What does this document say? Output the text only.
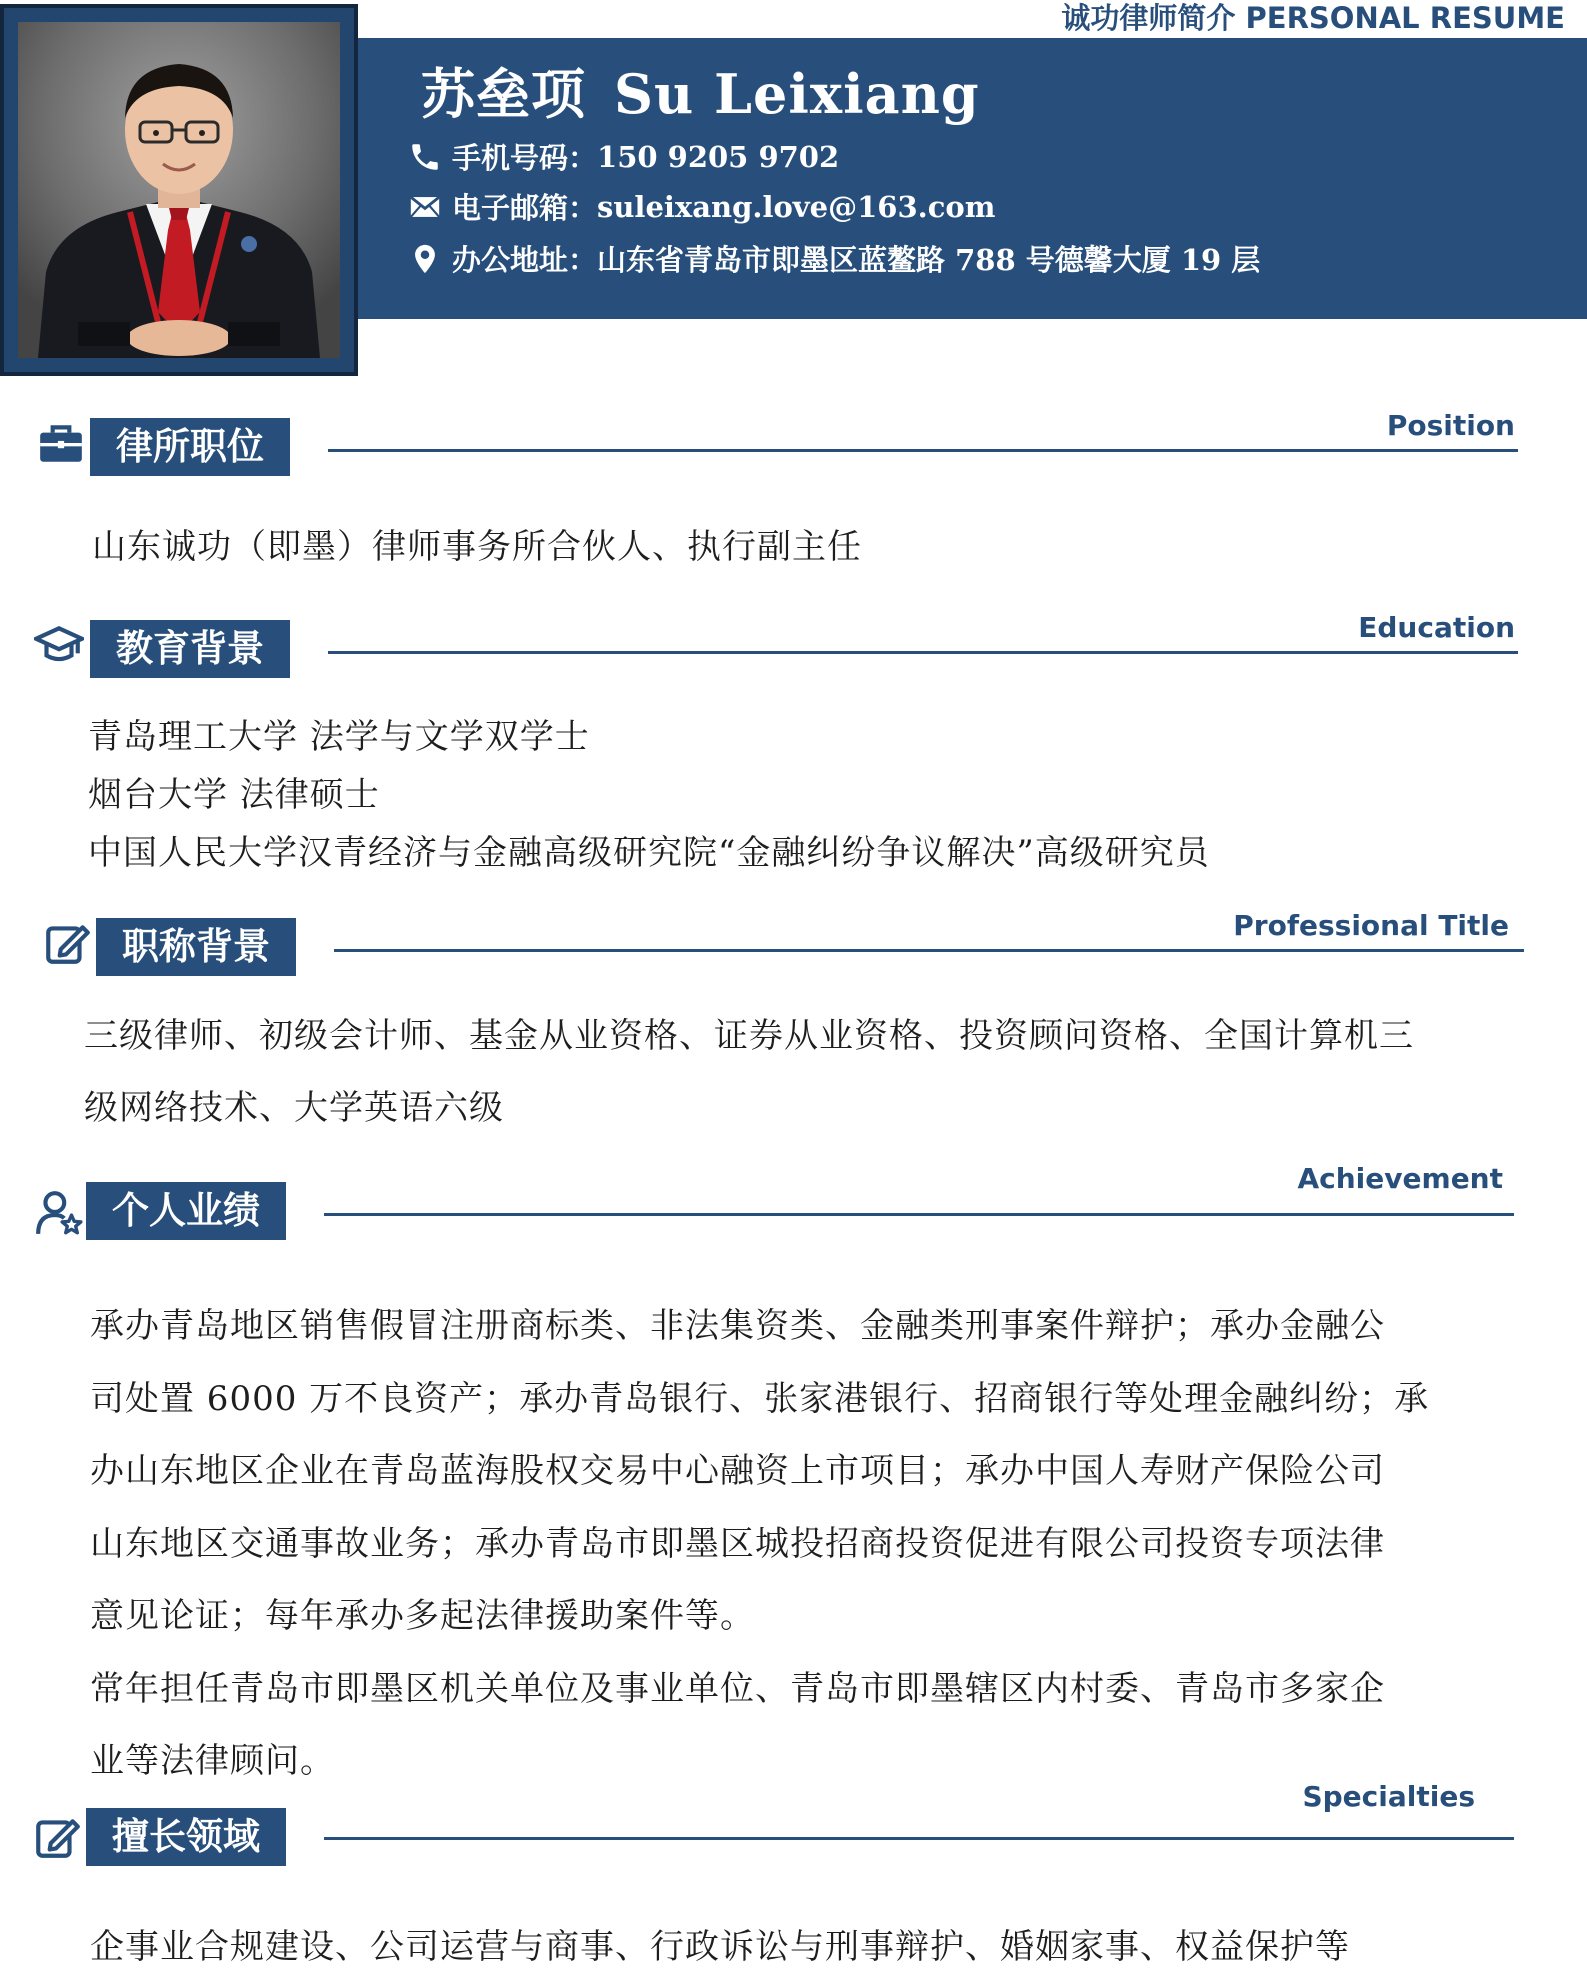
诚功律师简介 PERSONAL RESUME
苏垒项 Su Leixiang
手机号码： 150 9205 9702
电子邮箱： suleixang.love@163.com
办公地址： 山东省青岛市即墨区蓝鳌路 788 号德馨大厦 19 层
律所职位	Position
山东诚功（即墨）律师事务所合伙人、执行副主任
教育背景	Education
青岛理工大学 法学与文学双学士
烟台大学 法律硕士
中国人民大学汉青经济与金融高级研究院“金融纠纷争议解决”高级研究员
职称背景	Professional Title
三级律师、初级会计师、基金从业资格、证券从业资格、投资顾问资格、全国计算机三
级网络技术、大学英语六级
个人业绩
Achievement
承办青岛地区销售假冒注册商标类、非法集资类、金融类刑事案件辩护；承办金融公
司处置 6000 万不良资产；承办青岛银行、张家港银行、招商银行等处理金融纠纷；承
办山东地区企业在青岛蓝海股权交易中心融资上市项目；承办中国人寿财产保险公司
山东地区交通事故业务；承办青岛市即墨区城投招商投资促进有限公司投资专项法律
意见论证；每年承办多起法律援助案件等。
常年担任青岛市即墨区机关单位及事业单位、青岛市即墨辖区内村委、青岛市多家企
业等法律顾问。
擅长领域
Specialties
企事业合规建设、公司运营与商事、行政诉讼与刑事辩护、婚姻家事、权益保护等
